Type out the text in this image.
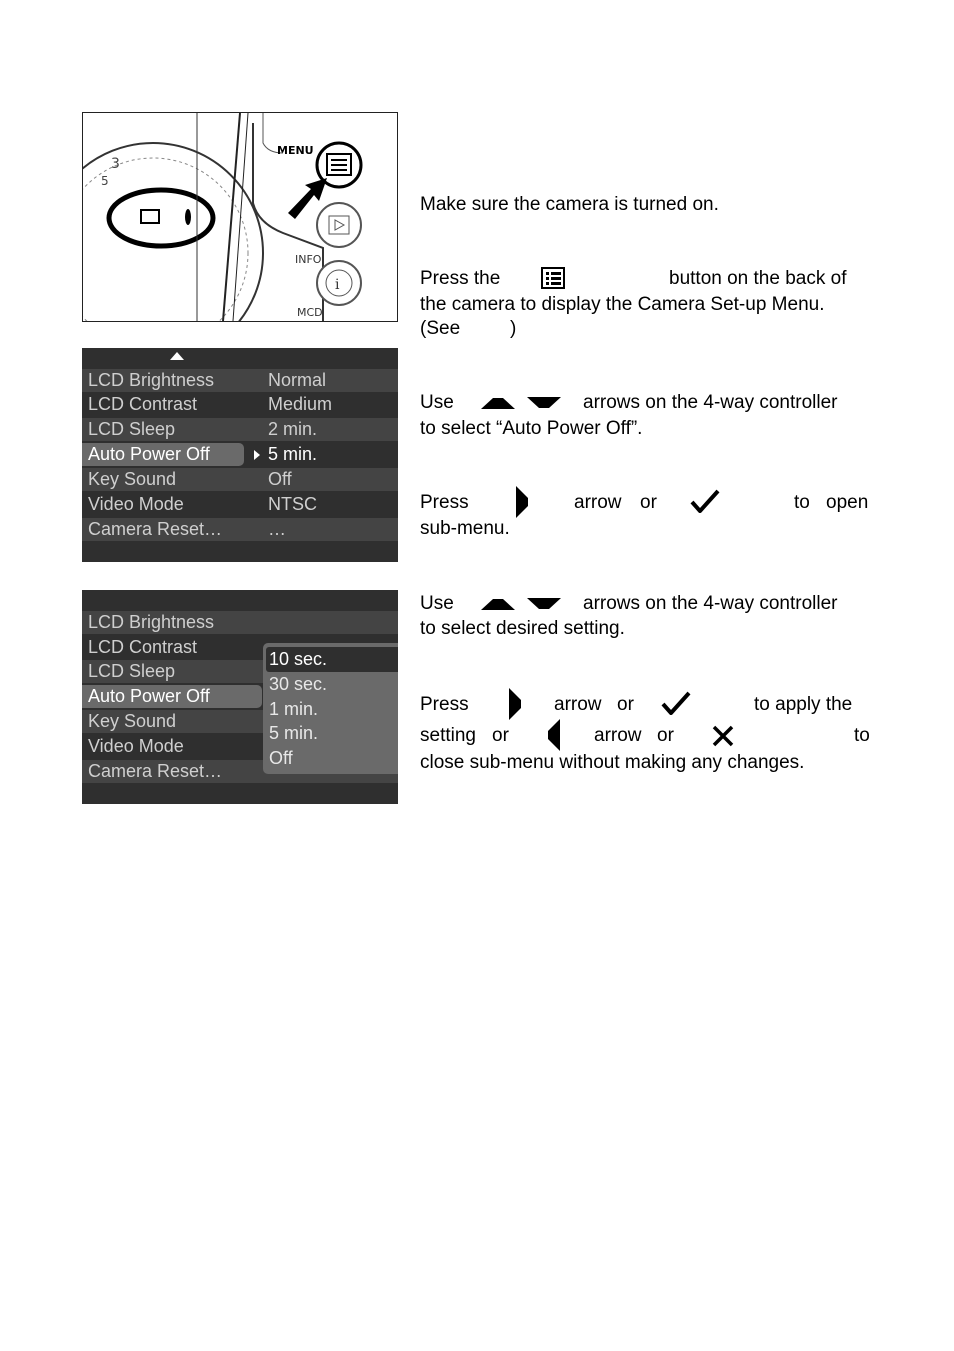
3
5
MENU
INFO
i
MCD
LCD Brightness	Normal
LCD Contrast	Medium
LCD Sleep	2 min.
Auto Power Off	5 min.
Key Sound	Off
Video Mode	NTSC
Camera Reset…	…
LCD Brightness
LCD Contrast
LCD Sleep
Auto Power Off
Key Sound
Video Mode
Camera Reset…
10 sec.
30 sec.
1 min.
5 min.
Off
Make sure the camera is turned on.
Press the	button on the back of
the camera to display the Camera Set-up Menu.
(See	)
Use	arrows on the 4-way controller
to select “Auto Power Off”.
Press	arrow or	to open
sub-menu.
Use	arrows on the 4-way controller
to select desired setting.
Press	arrow or	to apply the
setting or	arrow or	to
close sub-menu without making any changes.
